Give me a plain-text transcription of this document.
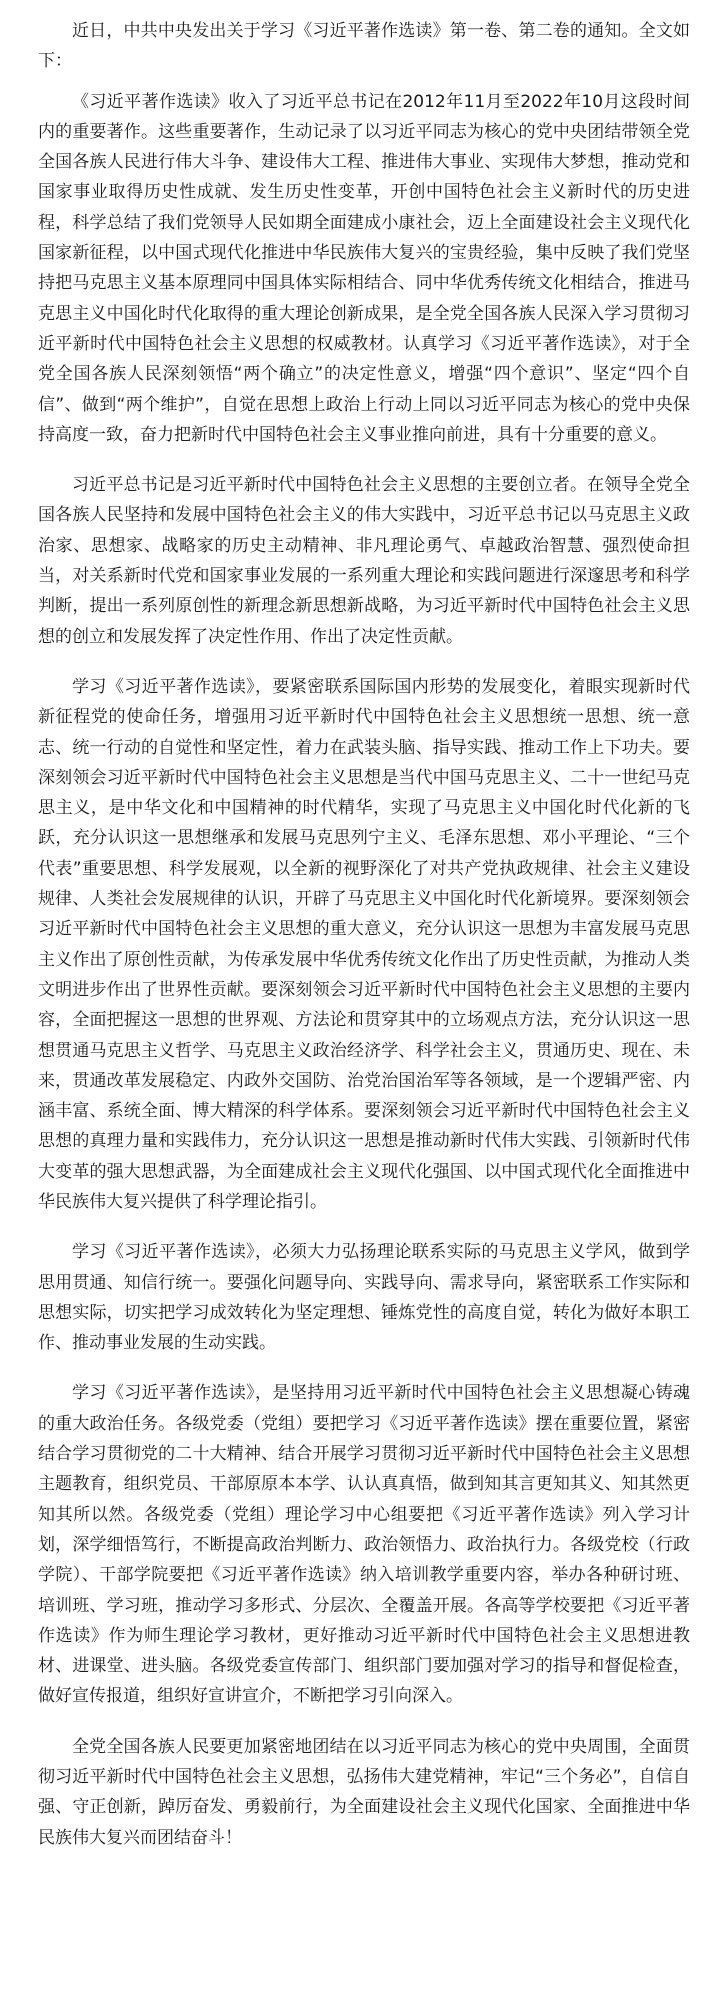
近日，中共中央发出关于学习《习近平著作选读》第一卷、第二卷的通知。全文如下：

《习近平著作选读》收入了习近平总书记在2012年11月至2022年10月这段时间内的重要著作。这些重要著作，生动记录了以习近平同志为核心的党中央团结带领全党全国各族人民进行伟大斗争、建设伟大工程、推进伟大事业、实现伟大梦想，推动党和国家事业取得历史性成就、发生历史性变革，开创中国特色社会主义新时代的历史进程，科学总结了我们党领导人民如期全面建成小康社会，迈上全面建设社会主义现代化国家新征程，以中国式现代化推进中华民族伟大复兴的宝贵经验，集中反映了我们党坚持把马克思主义基本原理同中国具体实际相结合、同中华优秀传统文化相结合，推进马克思主义中国化时代化取得的重大理论创新成果，是全党全国各族人民深入学习贯彻习近平新时代中国特色社会主义思想的权威教材。认真学习《习近平著作选读》，对于全党全国各族人民深刻领悟“两个确立”的决定性意义，增强“四个意识”、坚定“四个自信”、做到“两个维护”，自觉在思想上政治上行动上同以习近平同志为核心的党中央保持高度一致，奋力把新时代中国特色社会主义事业推向前进，具有十分重要的意义。

习近平总书记是习近平新时代中国特色社会主义思想的主要创立者。在领导全党全国各族人民坚持和发展中国特色社会主义的伟大实践中，习近平总书记以马克思主义政治家、思想家、战略家的历史主动精神、非凡理论勇气、卓越政治智慧、强烈使命担当，对关系新时代党和国家事业发展的一系列重大理论和实践问题进行深邃思考和科学判断，提出一系列原创性的新理念新思想新战略，为习近平新时代中国特色社会主义思想的创立和发展发挥了决定性作用、作出了决定性贡献。

学习《习近平著作选读》，要紧密联系国际国内形势的发展变化，着眼实现新时代新征程党的使命任务，增强用习近平新时代中国特色社会主义思想统一思想、统一意志、统一行动的自觉性和坚定性，着力在武装头脑、指导实践、推动工作上下功夫。要深刻领会习近平新时代中国特色社会主义思想是当代中国马克思主义、二十一世纪马克思主义，是中华文化和中国精神的时代精华，实现了马克思主义中国化时代化新的飞跃，充分认识这一思想继承和发展马克思列宁主义、毛泽东思想、邓小平理论、“三个代表”重要思想、科学发展观，以全新的视野深化了对共产党执政规律、社会主义建设规律、人类社会发展规律的认识，开辟了马克思主义中国化时代化新境界。要深刻领会习近平新时代中国特色社会主义思想的重大意义，充分认识这一思想为丰富发展马克思主义作出了原创性贡献，为传承发展中华优秀传统文化作出了历史性贡献，为推动人类文明进步作出了世界性贡献。要深刻领会习近平新时代中国特色社会主义思想的主要内容，全面把握这一思想的世界观、方法论和贯穿其中的立场观点方法，充分认识这一思想贯通马克思主义哲学、马克思主义政治经济学、科学社会主义，贯通历史、现在、未来，贯通改革发展稳定、内政外交国防、治党治国治军等各领域，是一个逻辑严密、内涵丰富、系统全面、博大精深的科学体系。要深刻领会习近平新时代中国特色社会主义思想的真理力量和实践伟力，充分认识这一思想是推动新时代伟大实践、引领新时代伟大变革的强大思想武器，为全面建成社会主义现代化强国、以中国式现代化全面推进中华民族伟大复兴提供了科学理论指引。

学习《习近平著作选读》，必须大力弘扬理论联系实际的马克思主义学风，做到学思用贯通、知信行统一。要强化问题导向、实践导向、需求导向，紧密联系工作实际和思想实际，切实把学习成效转化为坚定理想、锤炼党性的高度自觉，转化为做好本职工作、推动事业发展的生动实践。

学习《习近平著作选读》，是坚持用习近平新时代中国特色社会主义思想凝心铸魂的重大政治任务。各级党委（党组）要把学习《习近平著作选读》摆在重要位置，紧密结合学习贯彻党的二十大精神、结合开展学习贯彻习近平新时代中国特色社会主义思想主题教育，组织党员、干部原原本本学、认认真真悟，做到知其言更知其义、知其然更知其所以然。各级党委（党组）理论学习中心组要把《习近平著作选读》列入学习计划，深学细悟笃行，不断提高政治判断力、政治领悟力、政治执行力。各级党校（行政学院）、干部学院要把《习近平著作选读》纳入培训教学重要内容，举办各种研讨班、培训班、学习班，推动学习多形式、分层次、全覆盖开展。各高等学校要把《习近平著作选读》作为师生理论学习教材，更好推动习近平新时代中国特色社会主义思想进教材、进课堂、进头脑。各级党委宣传部门、组织部门要加强对学习的指导和督促检查，做好宣传报道，组织好宣讲宣介，不断把学习引向深入。

全党全国各族人民要更加紧密地团结在以习近平同志为核心的党中央周围，全面贯彻习近平新时代中国特色社会主义思想，弘扬伟大建党精神，牢记“三个务必”，自信自强、守正创新，踔厉奋发、勇毅前行，为全面建设社会主义现代化国家、全面推进中华民族伟大复兴而团结奋斗！
